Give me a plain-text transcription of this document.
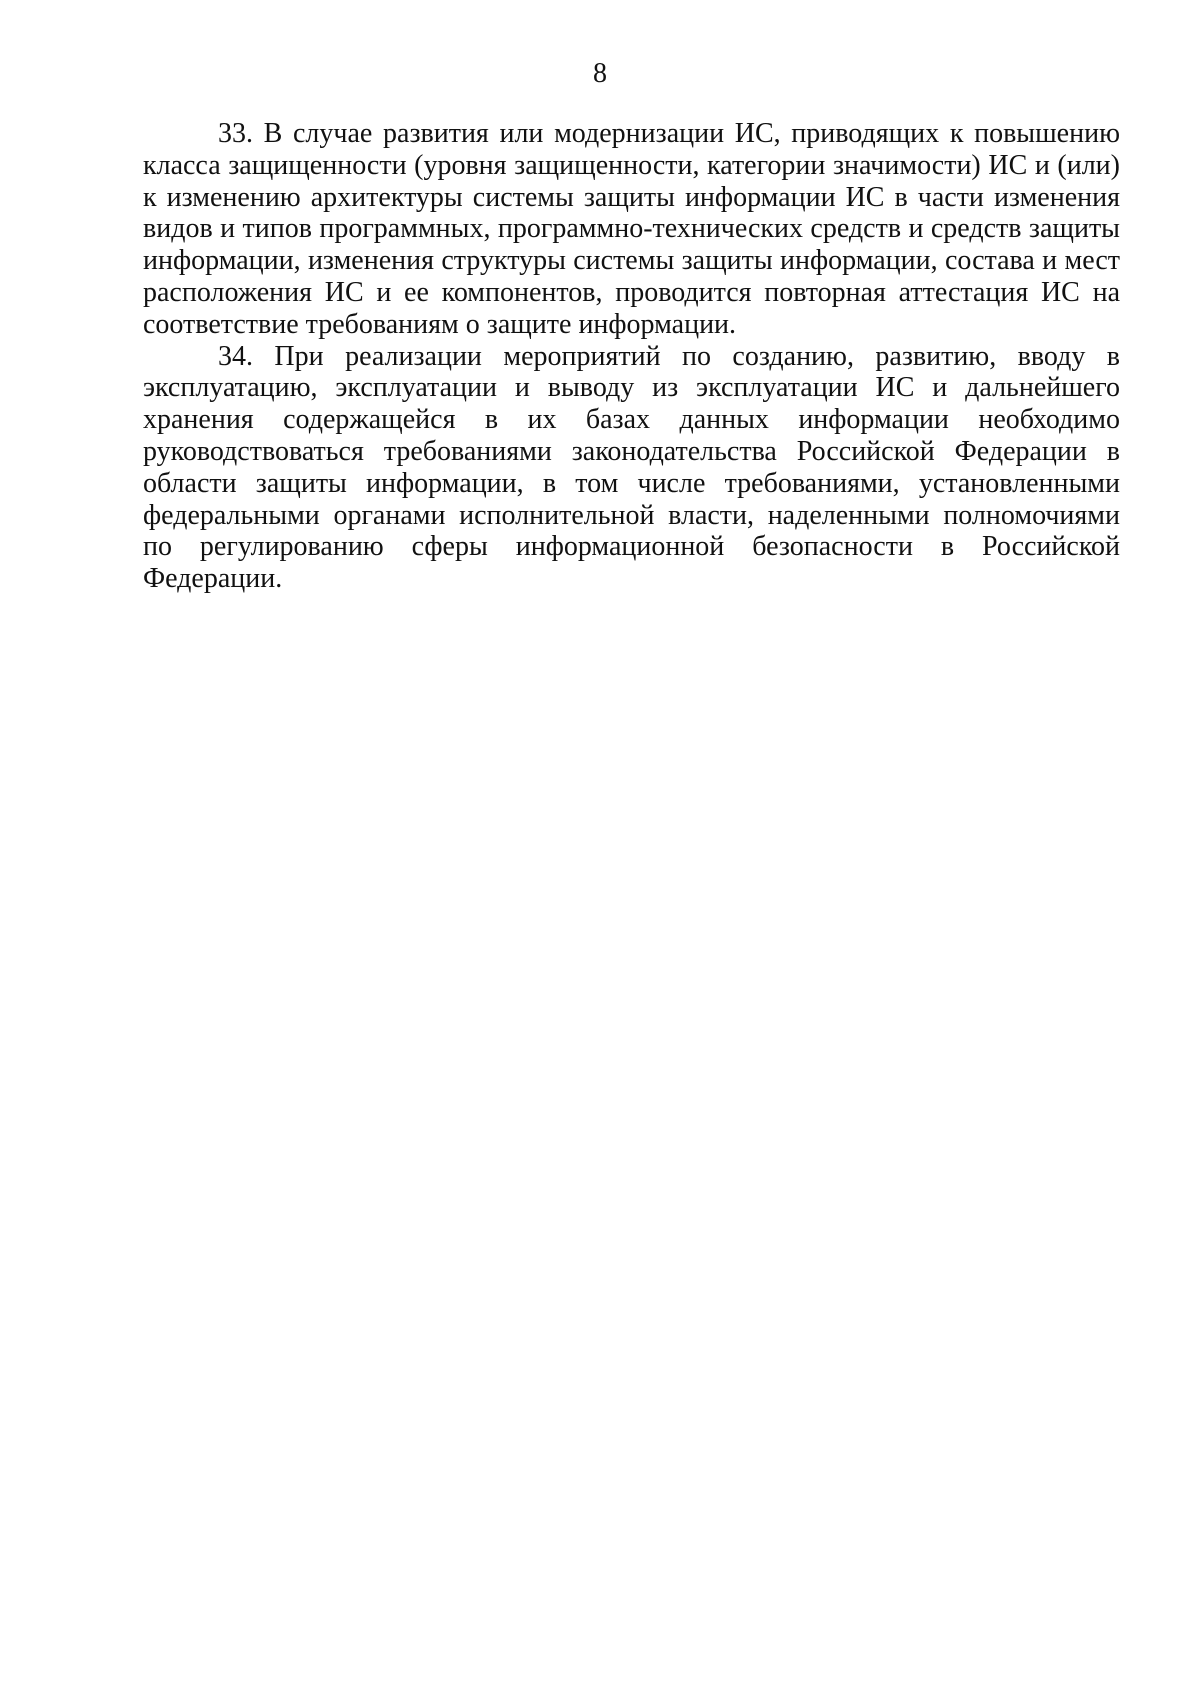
8
33. В случае развития или модернизации ИС, приводящих к повышению
класса защищенности (уровня защищенности, категории значимости) ИС и (или)
к изменению архитектуры системы защиты информации ИС в части изменения
видов и типов программных, программно-технических средств и средств защиты
информации, изменения структуры системы защиты информации, состава и мест
расположения ИС и ее компонентов, проводится повторная аттестация ИС на
соответствие требованиям о защите информации.
34. При реализации мероприятий по созданию, развитию, вводу в
эксплуатацию, эксплуатации и выводу из эксплуатации ИС и дальнейшего
хранения содержащейся в их базах данных информации необходимо
руководствоваться требованиями законодательства Российской Федерации в
области защиты информации, в том числе требованиями, установленными
федеральными органами исполнительной власти, наделенными полномочиями
по регулированию сферы информационной безопасности в Российской
Федерации.
